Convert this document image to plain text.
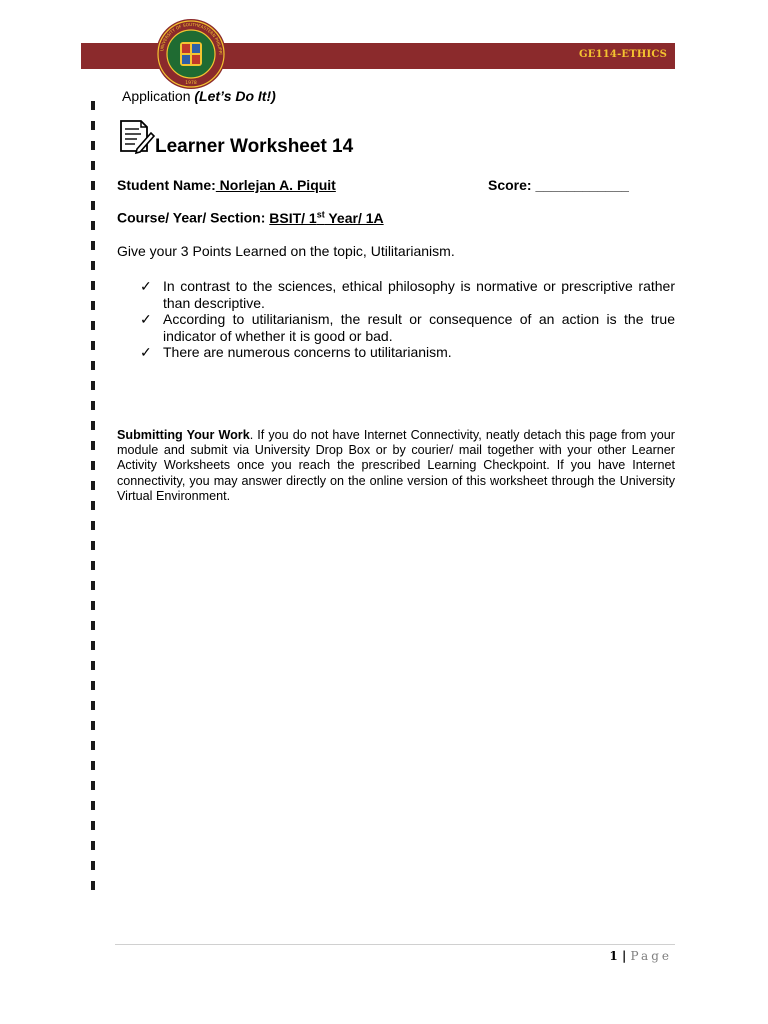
GE114-ETHICS
UNIVERSITY OF SOUTHEASTERN PHILIPPI
1978
Application (Let’s Do It!)
Learner Worksheet 14
Student Name: Norlejan A. Piquit	Score: ____________
Course/ Year/ Section: BSIT/ 1st Year/ 1A
Give your 3 Points Learned on the topic, Utilitarianism.
✓ In contrast to the sciences, ethical philosophy is normative or prescriptive rather than descriptive.
✓ According to utilitarianism, the result or consequence of an action is the true indicator of whether it is good or bad.
✓ There are numerous concerns to utilitarianism.
Submitting Your Work. If you do not have Internet Connectivity, neatly detach this page from your module and submit via University Drop Box or by courier/ mail together with your other Learner Activity Worksheets once you reach the prescribed Learning Checkpoint. If you have Internet connectivity, you may answer directly on the online version of this worksheet through the University Virtual Environment.
1 | Page
